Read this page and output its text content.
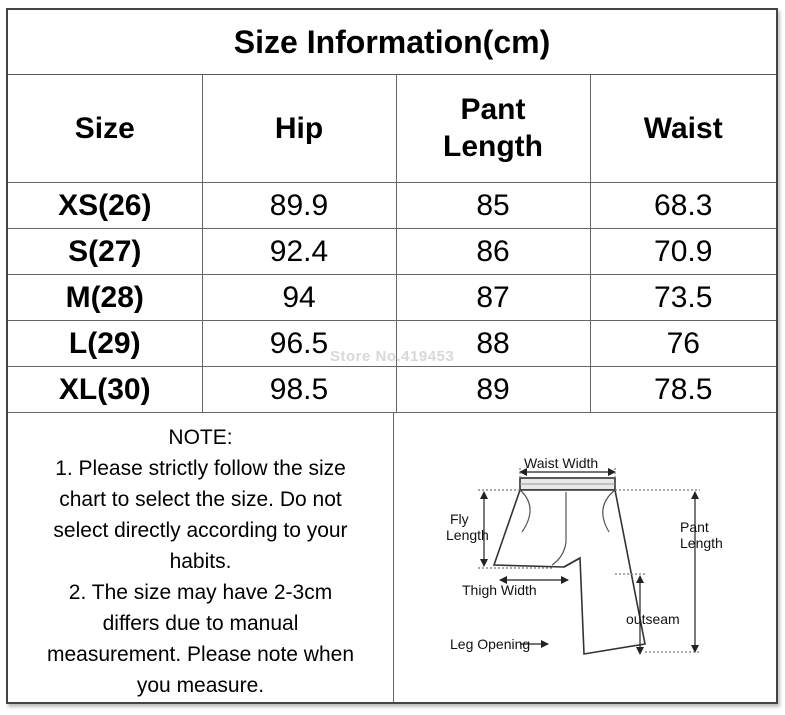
Size Information(cm)
Size	Hip	Pant Length	Waist
XS(26)	89.9	85	68.3
S(27)	92.4	86	70.9
M(28)	94	87	73.5
L(29)	96.5	88	76
XL(30)	98.5	89	78.5
Store No.419453
NOTE:
1. Please strictly follow the size
chart to select the size. Do not
select directly according to your
habits.
2. The size may have 2-3cm
differs due to manual
measurement. Please note when
you measure.
Waist Width
Fly
Length	Pant
Length
Thigh Width
outseam
Leg Opening
